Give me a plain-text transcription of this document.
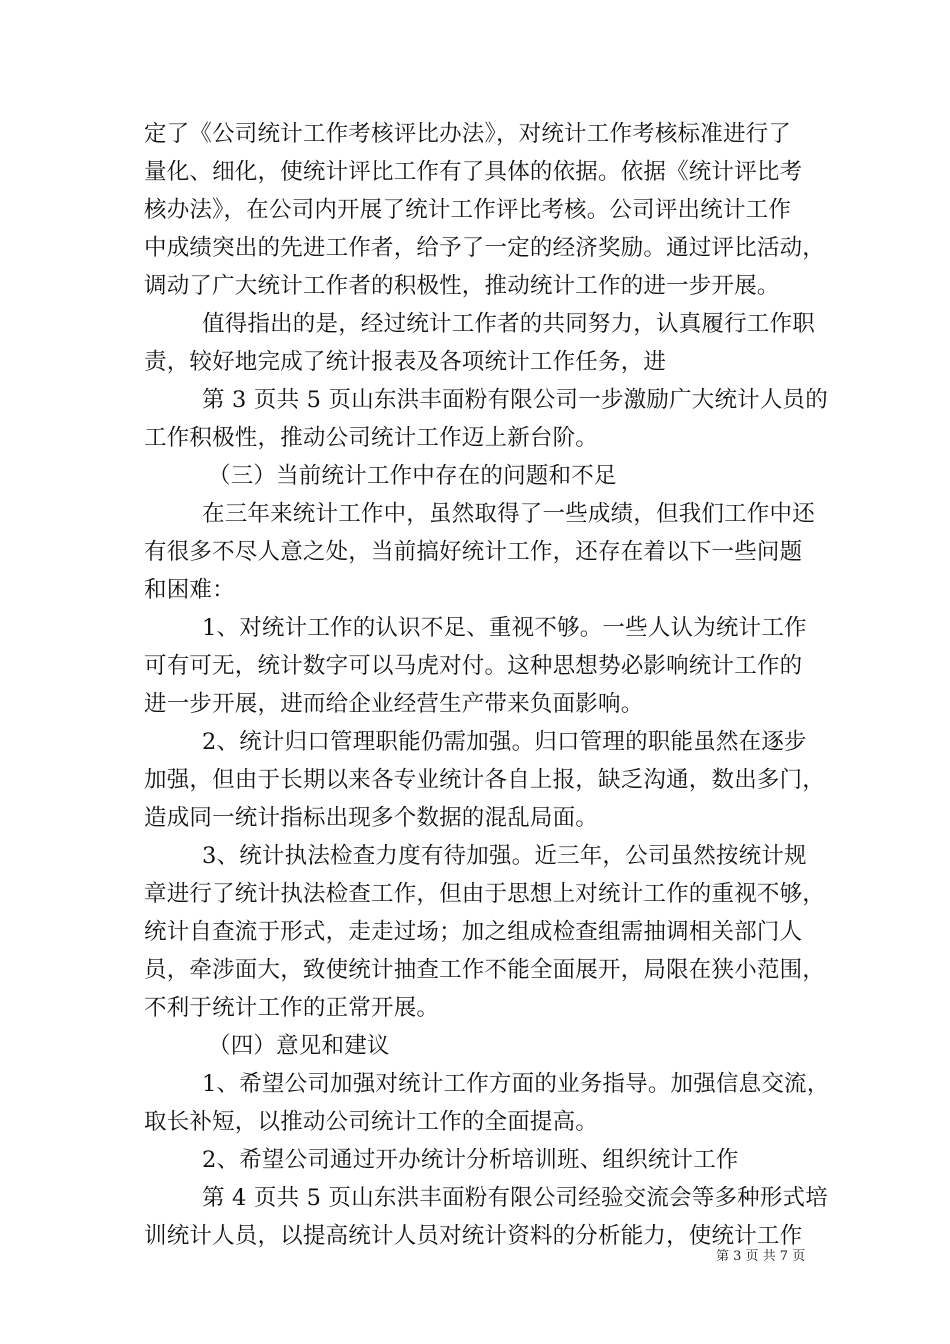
定了《公司统计工作考核评比办法》，对统计工作考核标准进行了
量化、细化，使统计评比工作有了具体的依据。依据《统计评比考
核办法》，在公司内开展了统计工作评比考核。公司评出统计工作
中成绩突出的先进工作者，给予了一定的经济奖励。通过评比活动，
调动了广大统计工作者的积极性，推动统计工作的进一步开展。
值得指出的是，经过统计工作者的共同努力，认真履行工作职
责，较好地完成了统计报表及各项统计工作任务，进
第 3 页共 5 页山东洪丰面粉有限公司一步激励广大统计人员的
工作积极性，推动公司统计工作迈上新台阶。
（三）当前统计工作中存在的问题和不足
在三年来统计工作中，虽然取得了一些成绩，但我们工作中还
有很多不尽人意之处，当前搞好统计工作，还存在着以下一些问题
和困难：
1、对统计工作的认识不足、重视不够。一些人认为统计工作
可有可无，统计数字可以马虎对付。这种思想势必影响统计工作的
进一步开展，进而给企业经营生产带来负面影响。
2、统计归口管理职能仍需加强。归口管理的职能虽然在逐步
加强，但由于长期以来各专业统计各自上报，缺乏沟通，数出多门，
造成同一统计指标出现多个数据的混乱局面。
3、统计执法检查力度有待加强。近三年，公司虽然按统计规
章进行了统计执法检查工作，但由于思想上对统计工作的重视不够，
统计自查流于形式，走走过场；加之组成检查组需抽调相关部门人
员，牵涉面大，致使统计抽查工作不能全面展开，局限在狭小范围，
不利于统计工作的正常开展。
（四）意见和建议
1、希望公司加强对统计工作方面的业务指导。加强信息交流，
取长补短，以推动公司统计工作的全面提高。
2、希望公司通过开办统计分析培训班、组织统计工作
第 4 页共 5 页山东洪丰面粉有限公司经验交流会等多种形式培
训统计人员，以提高统计人员对统计资料的分析能力，使统计工作
第 3 页 共 7 页
